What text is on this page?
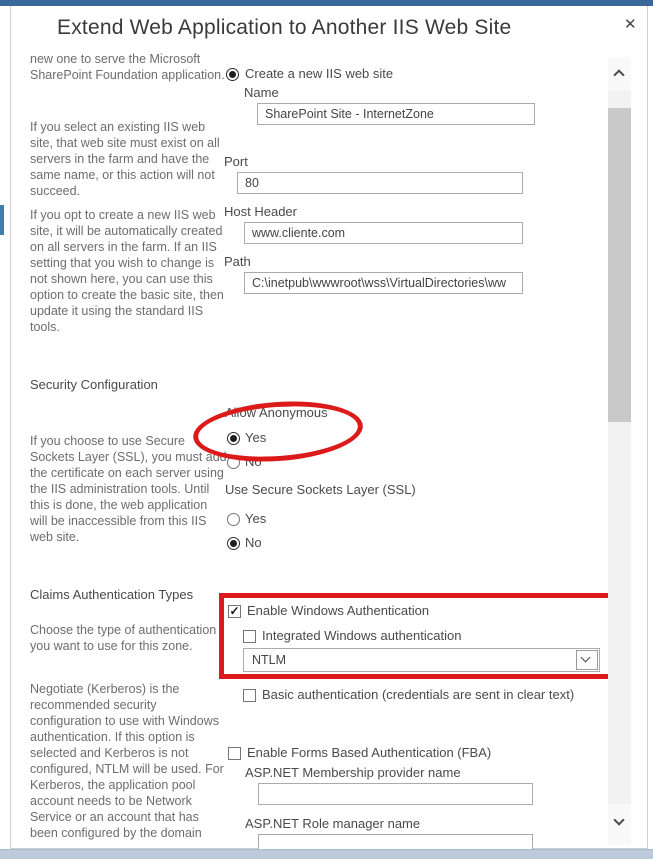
Extend Web Application to Another IIS Web Site	✕
new one to serve the Microsoft SharePoint Foundation application.
If you select an existing IIS web site, that web site must exist on all servers in the farm and have the same name, or this action will not succeed.
If you opt to create a new IIS web site, it will be automatically created on all servers in the farm. If an IIS setting that you wish to change is not shown here, you can use this option to create the basic site, then update it using the standard IIS tools.
Security Configuration
If you choose to use Secure Sockets Layer (SSL), you must add the certificate on each server using the IIS administration tools. Until this is done, the web application will be inaccessible from this IIS web site.
Claims Authentication Types
Choose the type of authentication you want to use for this zone.
Negotiate (Kerberos) is the recommended security configuration to use with Windows authentication. If this option is selected and Kerberos is not configured, NTLM will be used. For Kerberos, the application pool account needs to be Network Service or an account that has been configured by the domain
Create a new IIS web site
Name
SharePoint Site - InternetZone
Port
80
Host Header
www.cliente.com
Path
C:\inetpub\wwwroot\wss\VirtualDirectories\ww
Allow Anonymous
Yes
No
Use Secure Sockets Layer (SSL)
Yes
No
✓ Enable Windows Authentication
Integrated Windows authentication
NTLM
Basic authentication (credentials are sent in clear text)
Enable Forms Based Authentication (FBA)
ASP.NET Membership provider name
ASP.NET Role manager name
